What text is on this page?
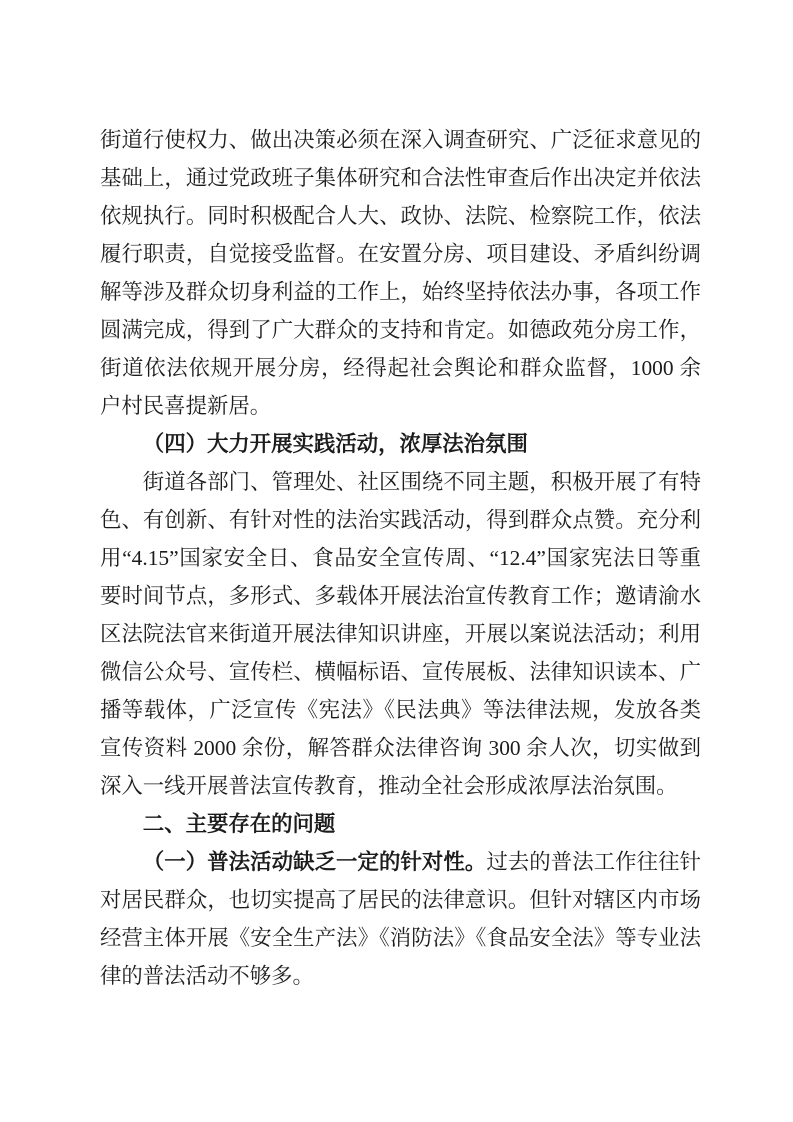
街道行使权力、做出决策必须在深入调查研究、广泛征求意见的基础上，通过党政班子集体研究和合法性审查后作出决定并依法依规执行。同时积极配合人大、政协、法院、检察院工作，依法履行职责，自觉接受监督。在安置分房、项目建设、矛盾纠纷调解等涉及群众切身利益的工作上，始终坚持依法办事，各项工作圆满完成，得到了广大群众的支持和肯定。如德政苑分房工作，街道依法依规开展分房，经得起社会舆论和群众监督，1000 余户村民喜提新居。

（四）大力开展实践活动，浓厚法治氛围

街道各部门、管理处、社区围绕不同主题，积极开展了有特色、有创新、有针对性的法治实践活动，得到群众点赞。充分利用“4.15”国家安全日、食品安全宣传周、“12.4”国家宪法日等重要时间节点，多形式、多载体开展法治宣传教育工作；邀请渝水区法院法官来街道开展法律知识讲座，开展以案说法活动；利用微信公众号、宣传栏、横幅标语、宣传展板、法律知识读本、广播等载体，广泛宣传《宪法》《民法典》等法律法规，发放各类宣传资料 2000 余份，解答群众法律咨询 300 余人次，切实做到深入一线开展普法宣传教育，推动全社会形成浓厚法治氛围。

二、主要存在的问题

（一）普法活动缺乏一定的针对性。过去的普法工作往往针对居民群众，也切实提高了居民的法律意识。但针对辖区内市场经营主体开展《安全生产法》《消防法》《食品安全法》等专业法律的普法活动不够多。
